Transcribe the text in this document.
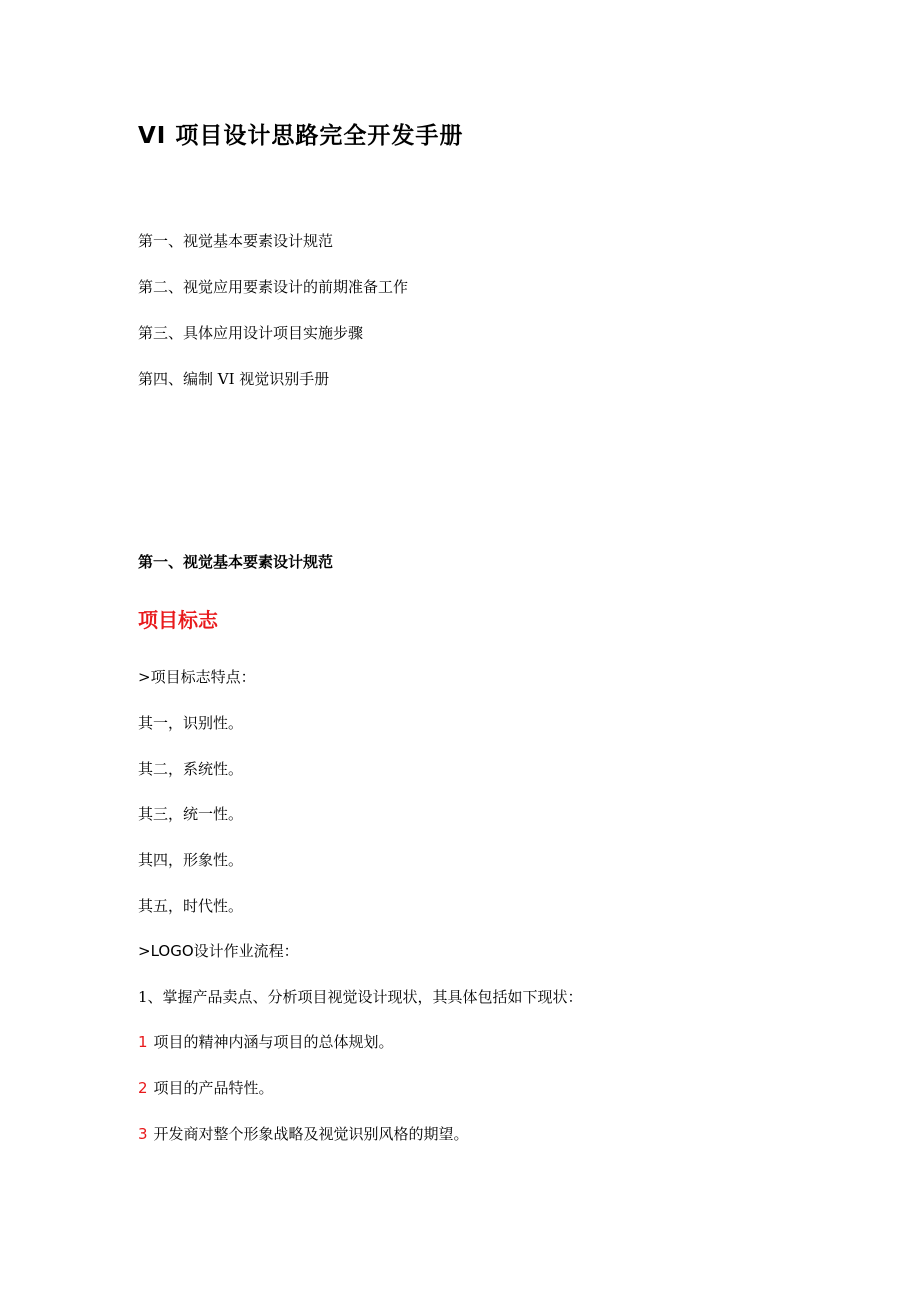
VI 项目设计思路完全开发手册
第一、视觉基本要素设计规范
第二、视觉应用要素设计的前期准备工作
第三、具体应用设计项目实施步骤
第四、编制 VI 视觉识别手册
第一、视觉基本要素设计规范
项目标志
>项目标志特点：
其一，识别性。
其二，系统性。
其三，统一性。
其四，形象性。
其五，时代性。
>LOGO设计作业流程：
1、掌握产品卖点、分析项目视觉设计现状，其具体包括如下现状：
1 项目的精神内涵与项目的总体规划。
2 项目的产品特性。
3 开发商对整个形象战略及视觉识别风格的期望。
